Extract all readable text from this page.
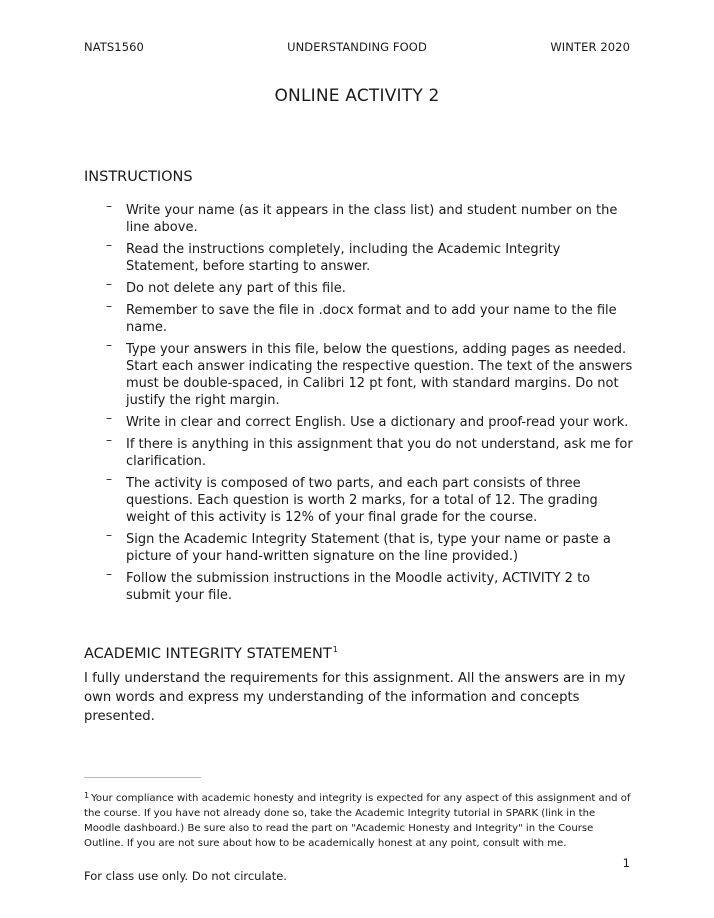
NATS1560	UNDERSTANDING FOOD	WINTER 2020
ONLINE ACTIVITY 2
INSTRUCTIONS
– Write your name (as it appears in the class list) and student number on the line above.
– Read the instructions completely, including the Academic Integrity Statement, before starting to answer.
– Do not delete any part of this file.
– Remember to save the file in .docx format and to add your name to the file name.
– Type your answers in this file, below the questions, adding pages as needed. Start each answer indicating the respective question. The text of the answers must be double-spaced, in Calibri 12 pt font, with standard margins. Do not justify the right margin.
– Write in clear and correct English. Use a dictionary and proof-read your work.
– If there is anything in this assignment that you do not understand, ask me for clarification.
– The activity is composed of two parts, and each part consists of three questions. Each question is worth 2 marks, for a total of 12. The grading weight of this activity is 12% of your final grade for the course.
– Sign the Academic Integrity Statement (that is, type your name or paste a picture of your hand-written signature on the line provided.)
– Follow the submission instructions in the Moodle activity, ACTIVITY 2 to submit your file.
ACADEMIC INTEGRITY STATEMENT$^1$
I fully understand the requirements for this assignment. All the answers are in my own words and express my understanding of the information and concepts presented.
$^1$ Your compliance with academic honesty and integrity is expected for any aspect of this assignment and of the course. If you have not already done so, take the Academic Integrity tutorial in SPARK (link in the Moodle dashboard.) Be sure also to read the part on "Academic Honesty and Integrity" in the Course Outline. If you are not sure about how to be academically honest at any point, consult with me.
1
For class use only. Do not circulate.
